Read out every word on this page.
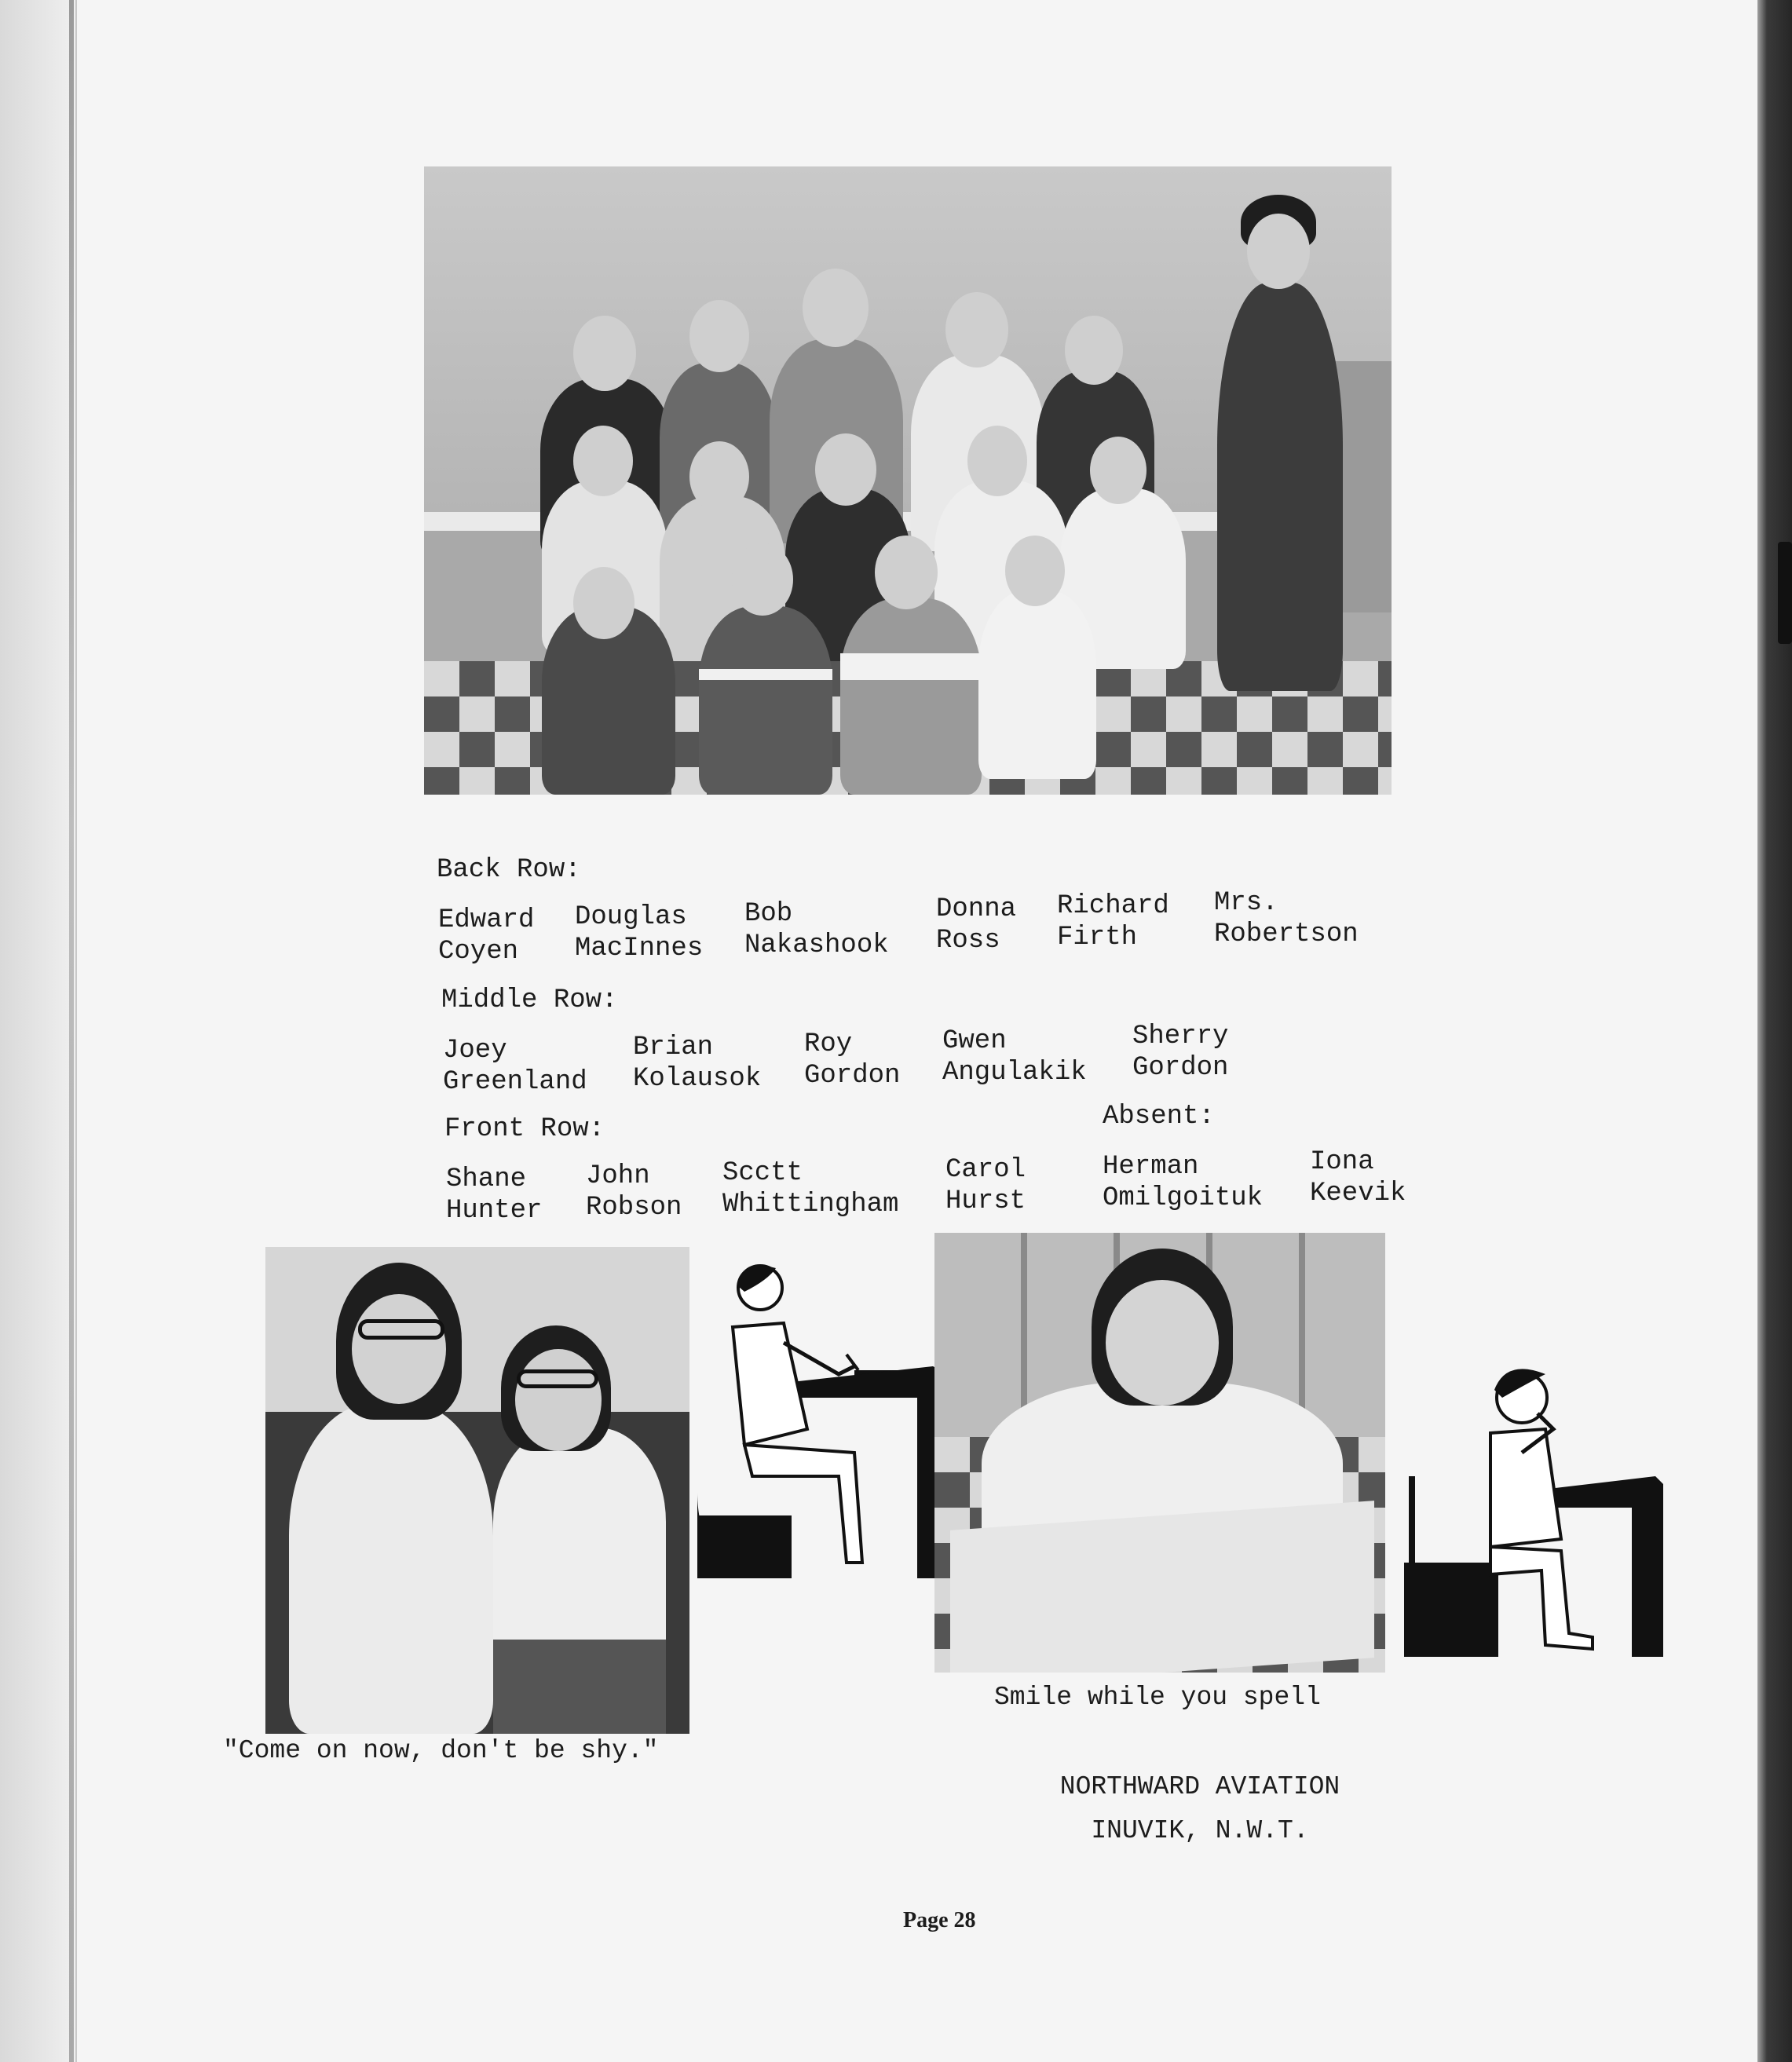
Back Row:
Edward
Coyen
Douglas
MacInnes
Bob
Nakashook
Donna
Ross
Richard
Firth
Mrs.
Robertson
Middle Row:
Joey
Greenland
Brian
Kolausok
Roy
Gordon
Gwen
Angulakik
Sherry
Gordon
Front Row:	Absent:
Shane
Hunter
John
Robson
Scctt
Whittingham
Carol
Hurst
Herman
Omilgoituk
Iona
Keevik
"Come on now, don't be shy."
Smile while you spell
NORTHWARD AVIATION
INUVIK, N.W.T.
Page 28
